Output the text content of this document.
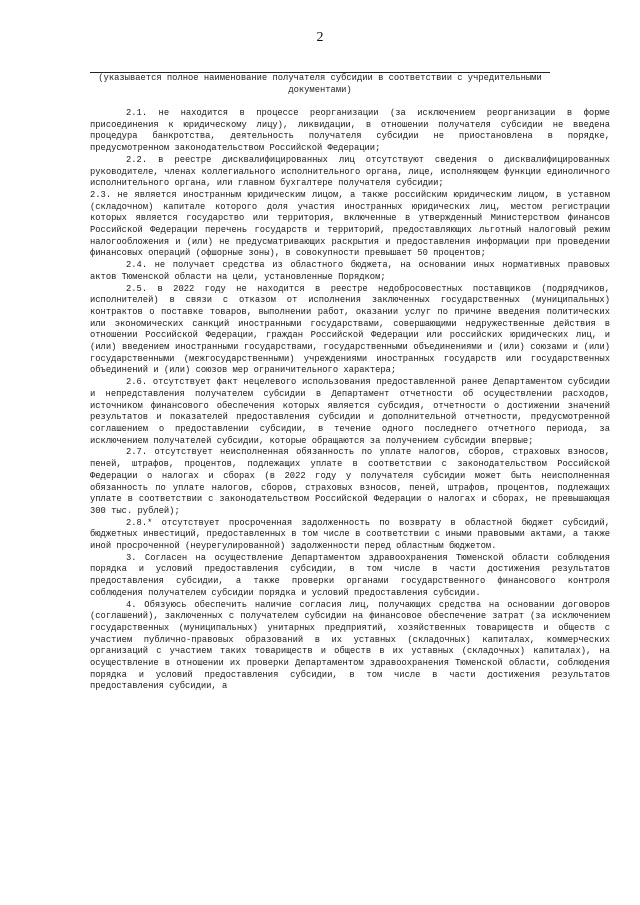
2
(указывается полное наименование получателя субсидии в соответствии с учредительными документами)

2.1. не находится в процессе реорганизации (за исключением реорганизации в форме присоединения к юридическому лицу), ликвидации, в отношении получателя субсидии не введена процедура банкротства, деятельность получателя субсидии не приостановлена в порядке, предусмотренном законодательством Российской Федерации;

2.2. в реестре дисквалифицированных лиц отсутствуют сведения о дисквалифицированных руководителе, членах коллегиального исполнительного органа, лице, исполняющем функции единоличного исполнительного органа, или главном бухгалтере получателя субсидии;

2.3. не является иностранным юридическим лицом, а также российским юридическим лицом, в уставном (складочном) капитале которого доля участия иностранных юридических лиц, местом регистрации которых является государство или территория, включенные в утвержденный Министерством финансов Российской Федерации перечень государств и территорий, предоставляющих льготный налоговый режим налогообложения и (или) не предусматривающих раскрытия и предоставления информации при проведении финансовых операций (офшорные зоны), в совокупности превышает 50 процентов;

2.4. не получает средства из областного бюджета, на основании иных нормативных правовых актов Тюменской области на цели, установленные Порядком;

2.5. в 2022 году не находится в реестре недобросовестных поставщиков (подрядчиков, исполнителей) в связи с отказом от исполнения заключенных государственных (муниципальных) контрактов о поставке товаров, выполнении работ, оказании услуг по причине введения политических или экономических санкций иностранными государствами, совершающими недружественные действия в отношении Российской Федерации, граждан Российской Федерации или российских юридических лиц, и (или) введением иностранными государствами, государственными объединениями и (или) союзами и (или) государственными (межгосударственными) учреждениями иностранных государств или государственных объединений и (или) союзов мер ограничительного характера;

2.6. отсутствует факт нецелевого использования предоставленной ранее Департаментом субсидии и непредставления получателем субсидии в Департамент отчетности об осуществлении расходов, источником финансового обеспечения которых является субсидия, отчетности о достижении значений результатов и показателей предоставления субсидии и дополнительной отчетности, предусмотренной соглашением о предоставлении субсидии, в течение одного последнего отчетного периода, за исключением получателей субсидии, которые обращаются за получением субсидии впервые;

2.7. отсутствует неисполненная обязанность по уплате налогов, сборов, страховых взносов, пеней, штрафов, процентов, подлежащих уплате в соответствии с законодательством Российской Федерации о налогах и сборах (в 2022 году у получателя субсидии может быть неисполненная обязанность по уплате налогов, сборов, страховых взносов, пеней, штрафов, процентов, подлежащих уплате в соответствии с законодательством Российской Федерации о налогах и сборах, не превышающая 300 тыс. рублей);

2.8.* отсутствует просроченная задолженность по возврату в областной бюджет субсидий, бюджетных инвестиций, предоставленных в том числе в соответствии с иными правовыми актами, а также иной просроченной (неурегулированной) задолженности перед областным бюджетом.

3. Согласен на осуществление Департаментом здравоохранения Тюменской области соблюдения порядка и условий предоставления субсидии, в том числе в части достижения результатов предоставления субсидии, а также проверки органами государственного финансового контроля соблюдения получателем субсидии порядка и условий предоставления субсидии.

4. Обязуюсь обеспечить наличие согласия лиц, получающих средства на основании договоров (соглашений), заключенных с получателем субсидии на финансовое обеспечение затрат (за исключением государственных (муниципальных) унитарных предприятий, хозяйственных товариществ и обществ с участием публично-правовых образований в их уставных (складочных) капиталах, коммерческих организаций с участием таких товариществ и обществ в их уставных (складочных) капиталах), на осуществление в отношении их проверки Департаментом здравоохранения Тюменской области, соблюдения порядка и условий предоставления субсидии, в том числе в части достижения результатов предоставления субсидии, а
